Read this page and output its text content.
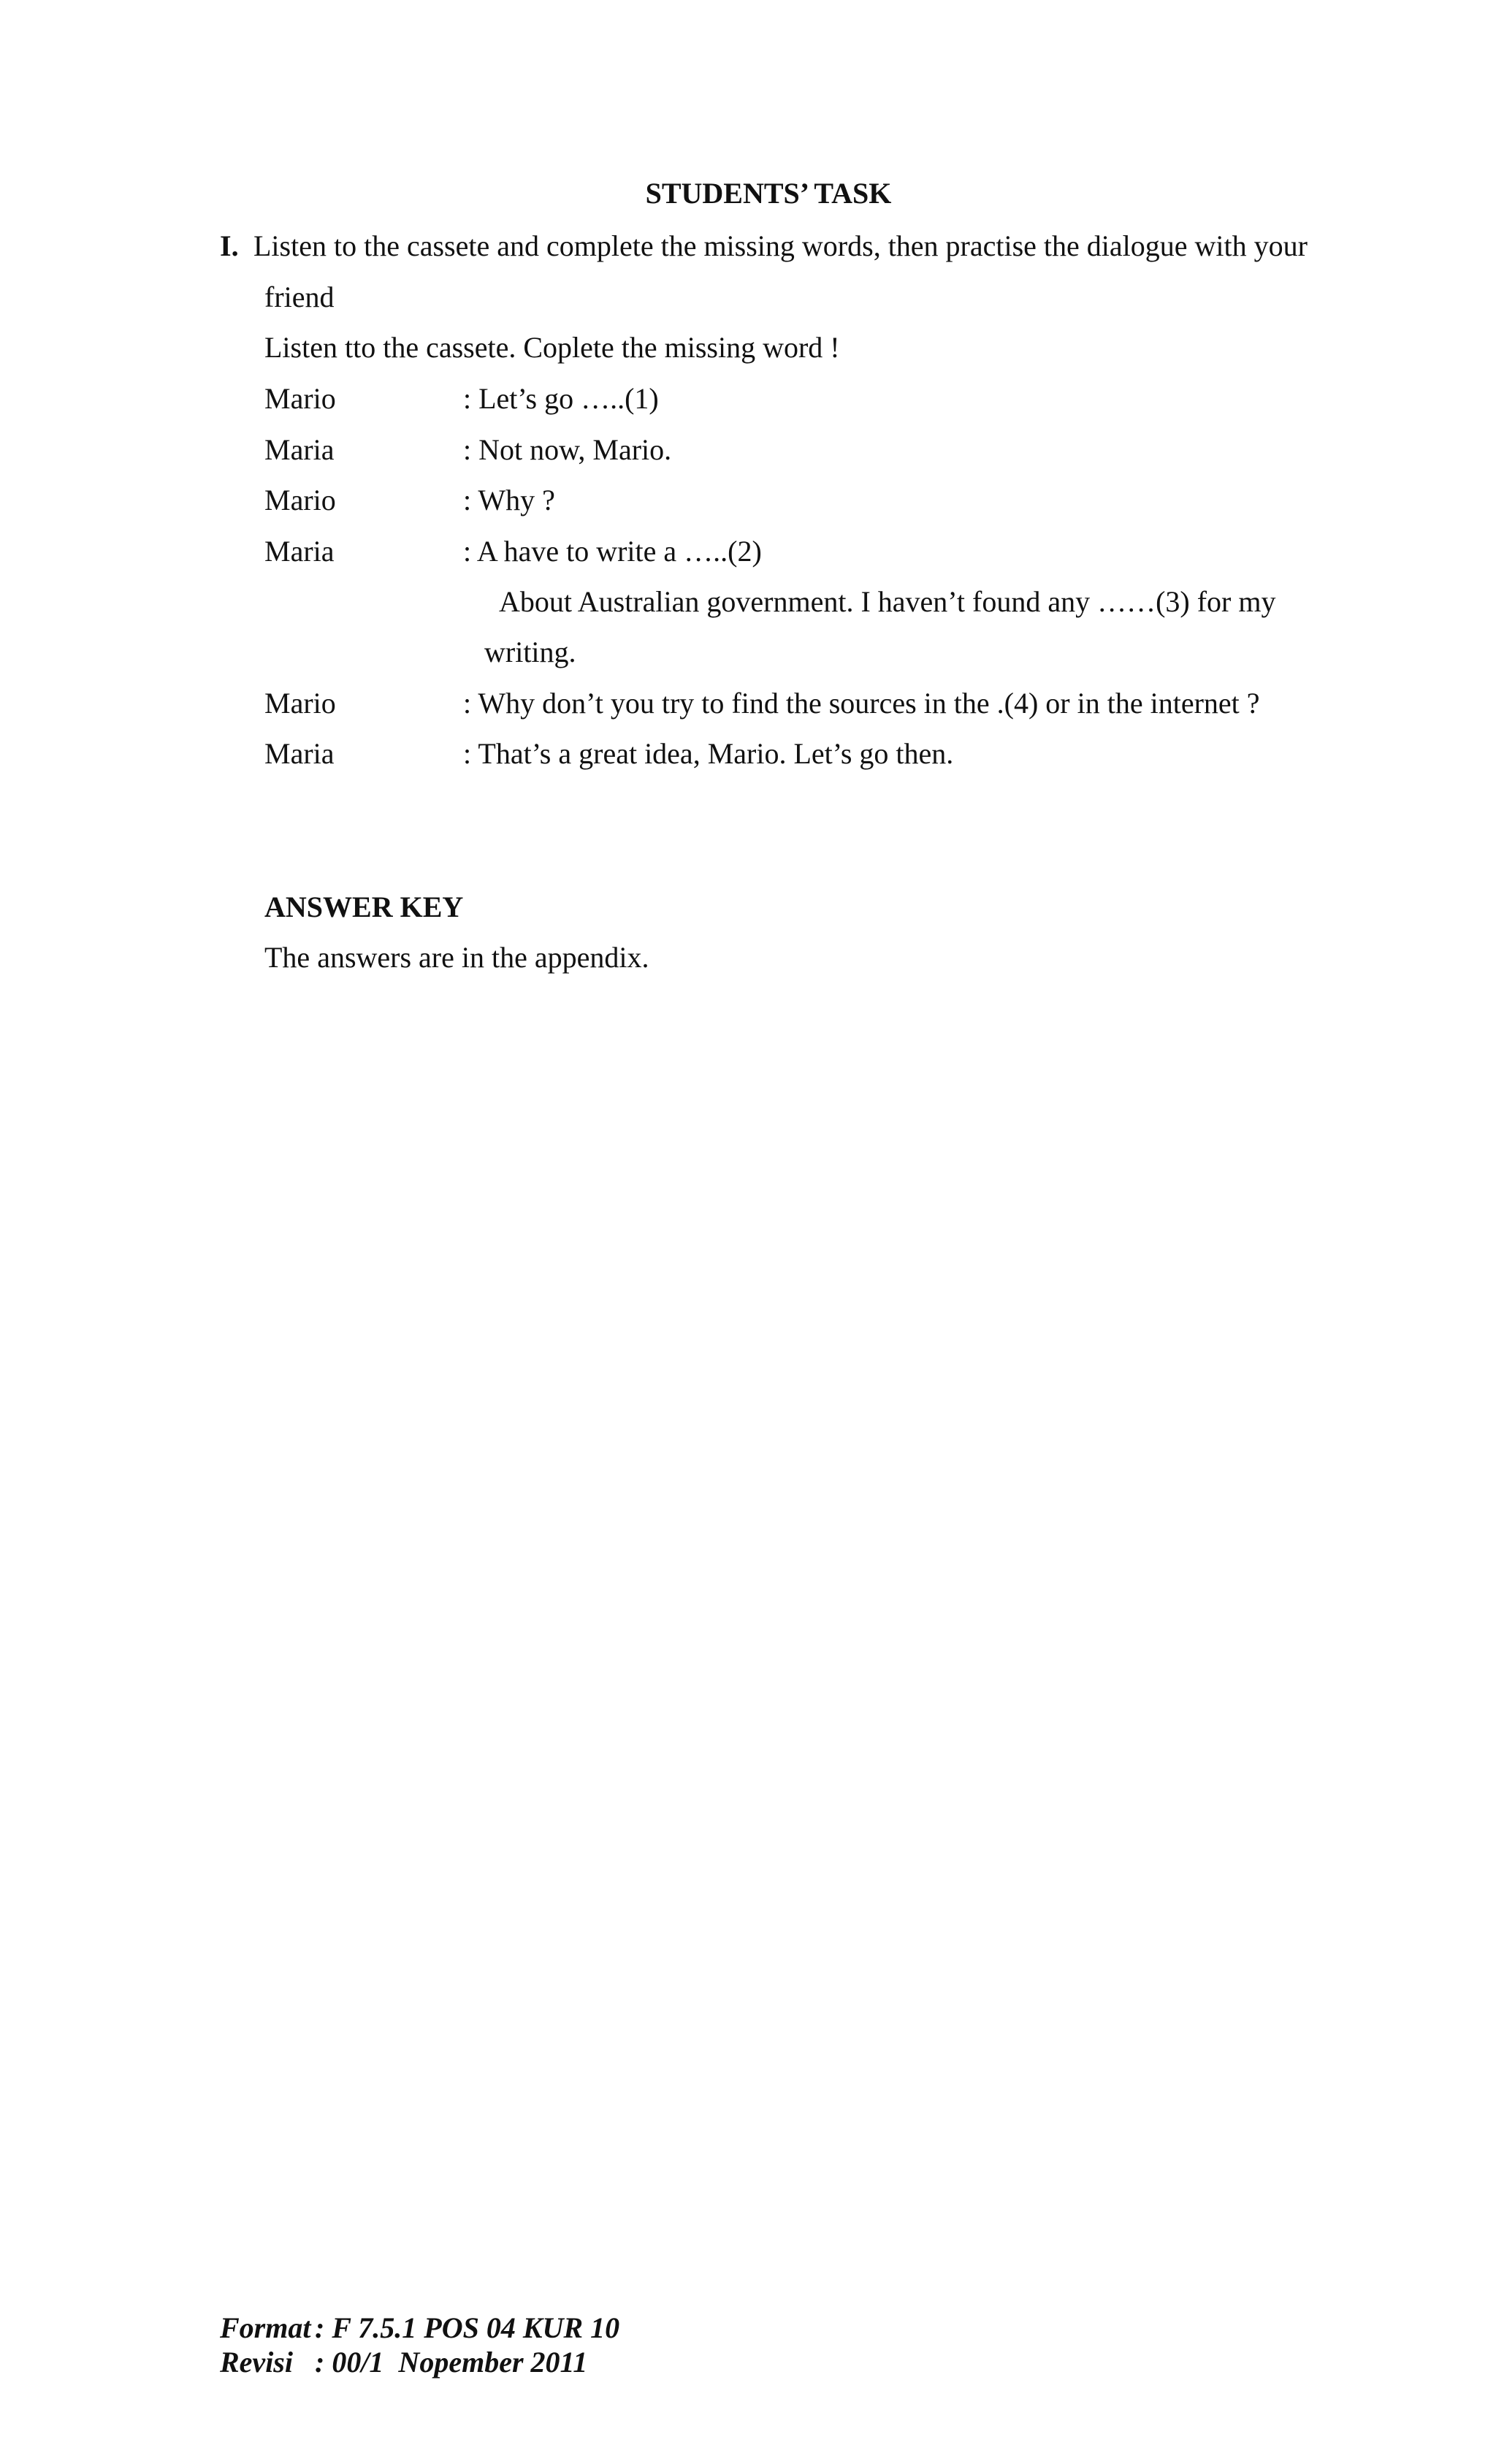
STUDENTS’ TASK
I. Listen to the cassete and complete the missing words, then practise the dialogue with your
friend
Listen tto the cassete. Coplete the missing word !
Mario	: Let’s go …..(1)
Maria	: Not now, Mario.
Mario	: Why ?
Maria	: A have to write a …..(2)
About Australian government. I haven’t found any ……(3) for my
writing.
Mario	: Why don’t you try to find the sources in the .(4) or in the internet ?
Maria	: That’s a great idea, Mario. Let’s go then.
ANSWER KEY
The answers are in the appendix.
Format : F 7.5.1 POS 04 KUR 10
Revisi : 00/1  Nopember 2011
